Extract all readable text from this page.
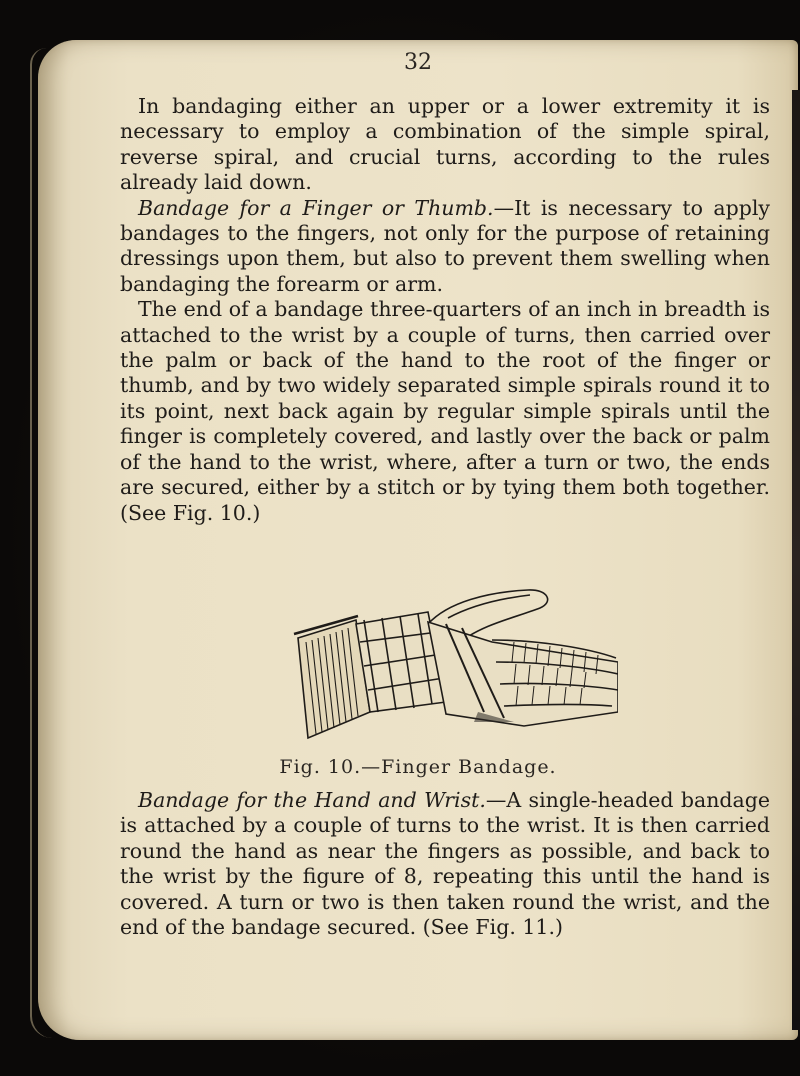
32

In bandaging either an upper or a lower extremity it is necessary to employ a combination of the simple spiral, reverse spiral, and crucial turns, according to the rules already laid down.

Bandage for a Finger or Thumb.—It is necessary to apply bandages to the fingers, not only for the purpose of retaining dressings upon them, but also to prevent them swelling when bandaging the forearm or arm.

The end of a bandage three-quarters of an inch in breadth is attached to the wrist by a couple of turns, then carried over the palm or back of the hand to the root of the finger or thumb, and by two widely separated simple spirals round it to its point, next back again by regular simple spirals until the finger is completely covered, and lastly over the back or palm of the hand to the wrist, where, after a turn or two, the ends are secured, either by a stitch or by tying them both together. (See Fig. 10.)

Fig. 10.—Finger Bandage.

Bandage for the Hand and Wrist.—A single-headed bandage is attached by a couple of turns to the wrist. It is then carried round the hand as near the fingers as possible, and back to the wrist by the figure of 8, repeating this until the hand is covered. A turn or two is then taken round the wrist, and the end of the bandage secured. (See Fig. 11.)
